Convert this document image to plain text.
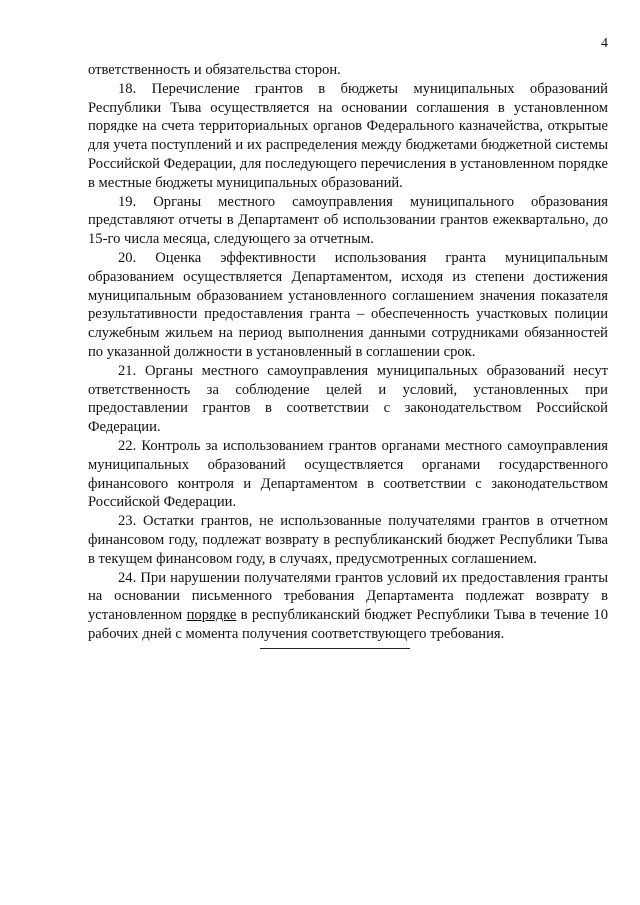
4

ответственность и обязательства сторон.

18. Перечисление грантов в бюджеты муниципальных образований Республики Тыва осуществляется на основании соглашения в установленном порядке на счета территориальных органов Федерального казначейства, открытые для учета поступлений и их распределения между бюджетами бюджетной системы Российской Федерации, для последующего перечисления в установленном порядке в местные бюджеты муниципальных образований.

19. Органы местного самоуправления муниципального образования представляют отчеты в Департамент об использовании грантов ежеквартально, до 15-го числа месяца, следующего за отчетным.

20. Оценка эффективности использования гранта муниципальным образованием осуществляется Департаментом, исходя из степени достижения муниципальным образованием установленного соглашением значения показателя результативности предоставления гранта – обеспеченность участковых полиции служебным жильем на период выполнения данными сотрудниками обязанностей по указанной должности в установленный в соглашении срок.

21. Органы местного самоуправления муниципальных образований несут ответственность за соблюдение целей и условий, установленных при предоставлении грантов в соответствии с законодательством Российской Федерации.

22. Контроль за использованием грантов органами местного самоуправления муниципальных образований осуществляется органами государственного финансового контроля и Департаментом в соответствии с законодательством Российской Федерации.

23. Остатки грантов, не использованные получателями грантов в отчетном финансовом году, подлежат возврату в республиканский бюджет Республики Тыва в текущем финансовом году, в случаях, предусмотренных соглашением.

24. При нарушении получателями грантов условий их предоставления гранты на основании письменного требования Департамента подлежат возврату в установленном порядке в республиканский бюджет Республики Тыва в течение 10 рабочих дней с момента получения соответствующего требования.
